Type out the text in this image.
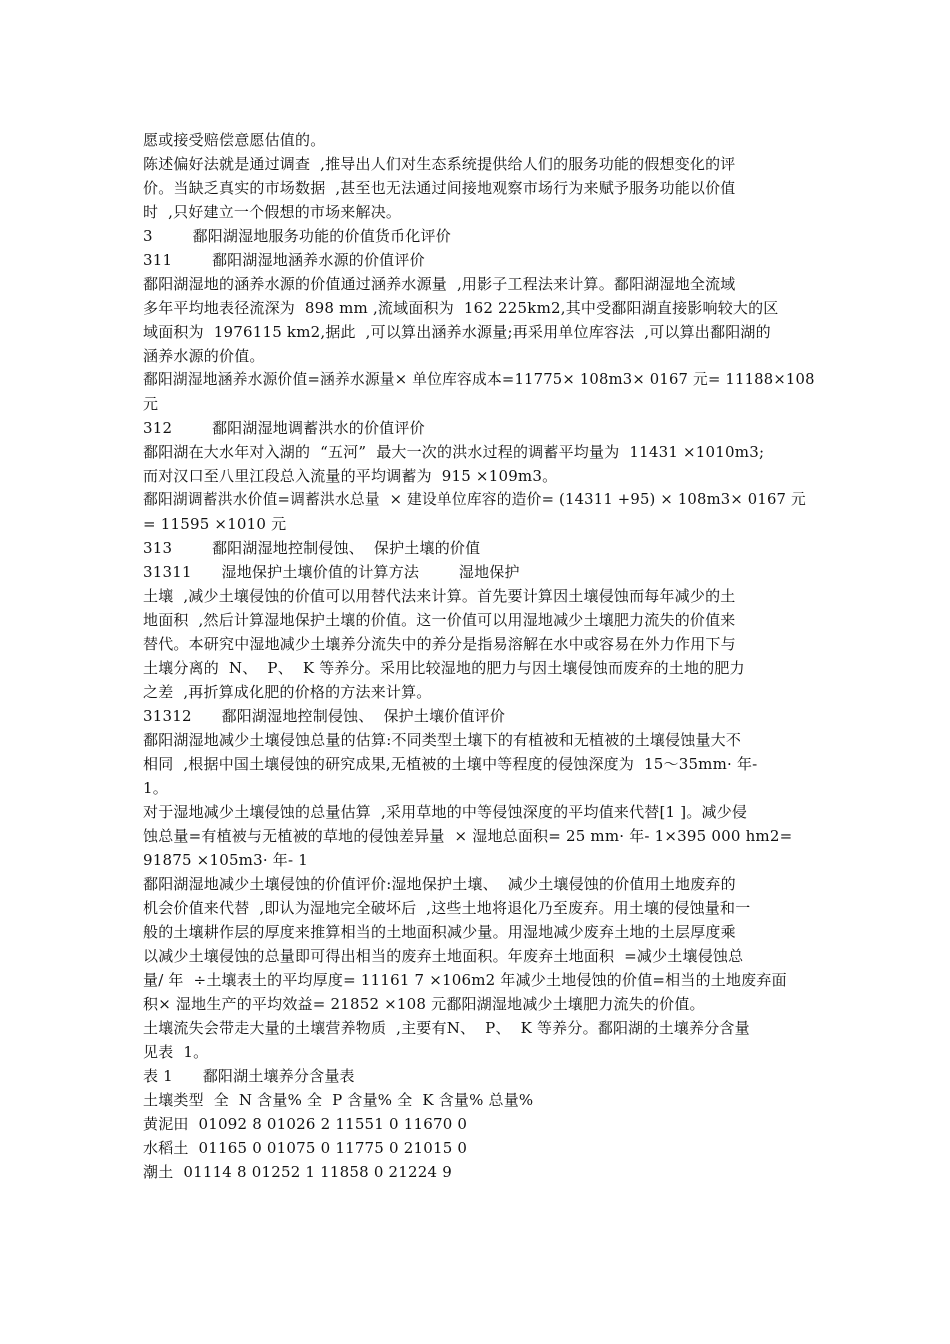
愿或接受赔偿意愿估值的。
陈述偏好法就是通过调查  ,推导出人们对生态系统提供给人们的服务功能的假想变化的评
价。当缺乏真实的市场数据  ,甚至也无法通过间接地观察市场行为来赋予服务功能以价值
时  ,只好建立一个假想的市场来解决。
3        鄱阳湖湿地服务功能的价值货币化评价
311        鄱阳湖湿地涵养水源的价值评价
鄱阳湖湿地的涵养水源的价值通过涵养水源量  ,用影子工程法来计算。鄱阳湖湿地全流域
多年平均地表径流深为  898 mm ,流域面积为  162 225km2,其中受鄱阳湖直接影响较大的区
域面积为  1976115 km2,据此  ,可以算出涵养水源量;再采用单位库容法  ,可以算出鄱阳湖的
涵养水源的价值。
鄱阳湖湿地涵养水源价值=涵养水源量× 单位库容成本=11775× 108m3× 0167 元= 11188×108
元
312        鄱阳湖湿地调蓄洪水的价值评价
鄱阳湖在大水年对入湖的  “五河”  最大一次的洪水过程的调蓄平均量为  11431 ×1010m3;
而对汉口至八里江段总入流量的平均调蓄为  915 ×109m3。
鄱阳湖调蓄洪水价值=调蓄洪水总量  × 建设单位库容的造价= (14311 +95) × 108m3× 0167 元
= 11595 ×1010 元
313        鄱阳湖湿地控制侵蚀、  保护土壤的价值
31311      湿地保护土壤价值的计算方法        湿地保护
土壤  ,减少土壤侵蚀的价值可以用替代法来计算。首先要计算因土壤侵蚀而每年减少的土
地面积  ,然后计算湿地保护土壤的价值。这一价值可以用湿地减少土壤肥力流失的价值来
替代。本研究中湿地减少土壤养分流失中的养分是指易溶解在水中或容易在外力作用下与
土壤分离的  N、  P、  K 等养分。采用比较湿地的肥力与因土壤侵蚀而废弃的土地的肥力
之差  ,再折算成化肥的价格的方法来计算。
31312      鄱阳湖湿地控制侵蚀、  保护土壤价值评价
鄱阳湖湿地减少土壤侵蚀总量的估算:不同类型土壤下的有植被和无植被的土壤侵蚀量大不
相同  ,根据中国土壤侵蚀的研究成果,无植被的土壤中等程度的侵蚀深度为  15～35mm· 年-
1。
对于湿地减少土壤侵蚀的总量估算  ,采用草地的中等侵蚀深度的平均值来代替[1 ]。减少侵
蚀总量=有植被与无植被的草地的侵蚀差异量  × 湿地总面积= 25 mm· 年- 1×395 000 hm2=
91875 ×105m3· 年- 1
鄱阳湖湿地减少土壤侵蚀的价值评价:湿地保护土壤、  减少土壤侵蚀的价值用土地废弃的
机会价值来代替  ,即认为湿地完全破坏后  ,这些土地将退化乃至废弃。用土壤的侵蚀量和一
般的土壤耕作层的厚度来推算相当的土地面积减少量。用湿地减少废弃土地的土层厚度乘
以减少土壤侵蚀的总量即可得出相当的废弃土地面积。年废弃土地面积  =减少土壤侵蚀总
量/ 年  ÷土壤表土的平均厚度= 11161 7 ×106m2 年减少土地侵蚀的价值=相当的土地废弃面
积× 湿地生产的平均效益= 21852 ×108 元鄱阳湖湿地减少土壤肥力流失的价值。
土壤流失会带走大量的土壤营养物质  ,主要有N、  P、  K 等养分。鄱阳湖的土壤养分含量
见表  1。
表 1      鄱阳湖土壤养分含量表
土壤类型  全  N 含量% 全  P 含量% 全  K 含量% 总量%
黄泥田  01092 8 01026 2 11551 0 11670 0
水稻土  01165 0 01075 0 11775 0 21015 0
潮土  01114 8 01252 1 11858 0 21224 9
